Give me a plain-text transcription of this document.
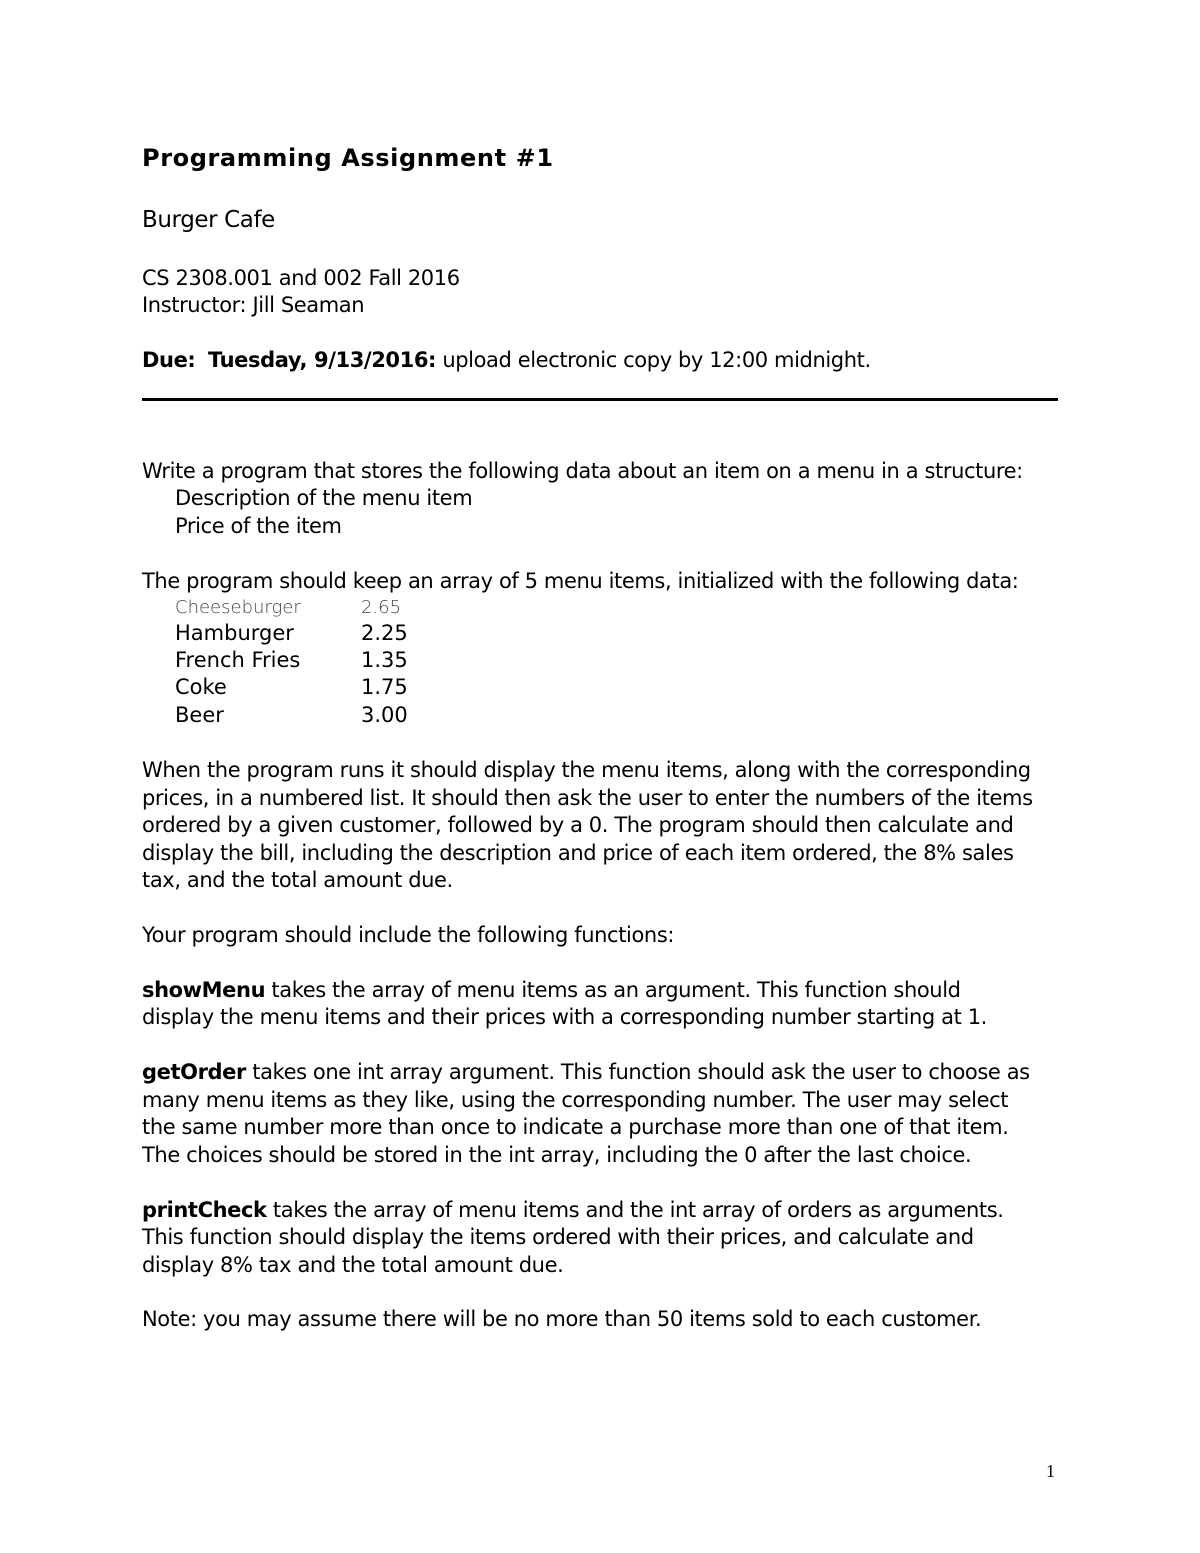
Programming Assignment #1
Burger Cafe
CS 2308.001 and 002 Fall 2016
Instructor: Jill Seaman
Due: Tuesday, 9/13/2016: upload electronic copy by 12:00 midnight.
Write a program that stores the following data about an item on a menu in a structure:
Description of the menu item
Price of the item
The program should keep an array of 5 menu items, initialized with the following data:
Cheeseburger	2.65
Hamburger	2.25
French Fries	1.35
Coke	1.75
Beer	3.00
When the program runs it should display the menu items, along with the corresponding
prices, in a numbered list. It should then ask the user to enter the numbers of the items
ordered by a given customer, followed by a 0. The program should then calculate and
display the bill, including the description and price of each item ordered, the 8% sales
tax, and the total amount due.
Your program should include the following functions:
showMenu takes the array of menu items as an argument. This function should
display the menu items and their prices with a corresponding number starting at 1.
getOrder takes one int array argument. This function should ask the user to choose as
many menu items as they like, using the corresponding number. The user may select
the same number more than once to indicate a purchase more than one of that item.
The choices should be stored in the int array, including the 0 after the last choice.
printCheck takes the array of menu items and the int array of orders as arguments.
This function should display the items ordered with their prices, and calculate and
display 8% tax and the total amount due.
Note: you may assume there will be no more than 50 items sold to each customer.
1
